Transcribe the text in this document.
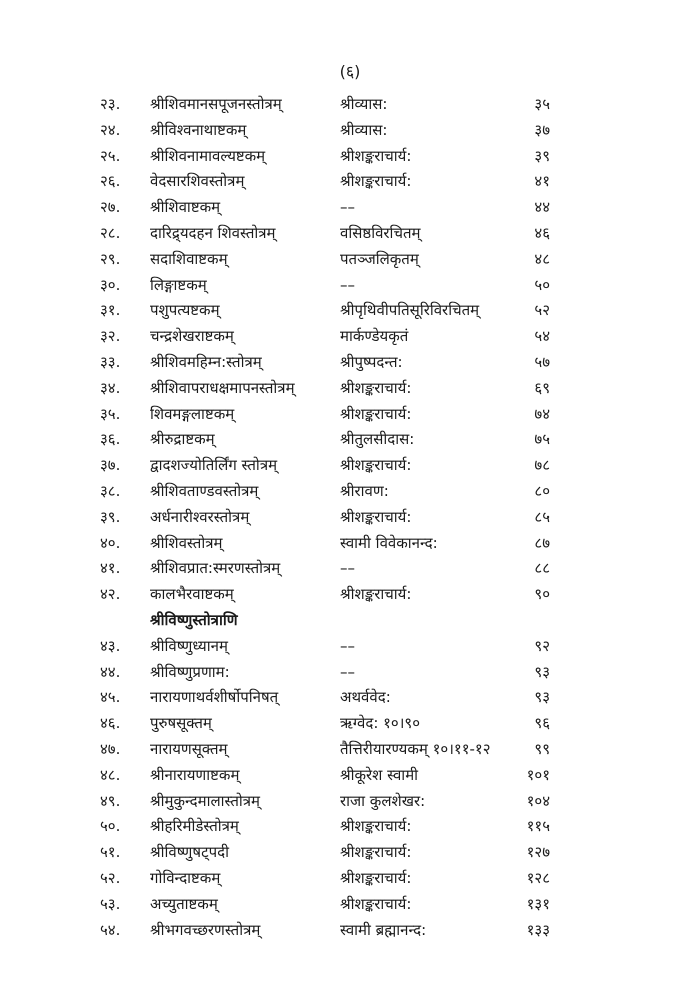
(६)
२३. श्रीशिवमानसपूजनस्तोत्रम्	श्रीव्यास:	३५
२४. श्रीविश्वनाथाष्टकम्	श्रीव्यास:	३७
२५. श्रीशिवनामावल्यष्टकम्	श्रीशङ्कराचार्य:	३९
२६. वेदसारशिवस्तोत्रम्	श्रीशङ्कराचार्य:	४१
२७. श्रीशिवाष्टकम्	––	४४
२८. दारिद्र्यदहन शिवस्तोत्रम्	वसिष्ठविरचितम्	४६
२९. सदाशिवाष्टकम्	पतञ्जलिकृतम्	४८
३०. लिङ्गाष्टकम्	––	५०
३१. पशुपत्यष्टकम्	श्रीपृथिवीपतिसूरिविरचितम्	५२
३२. चन्द्रशेखराष्टकम्	मार्कण्डेयकृतं	५४
३३. श्रीशिवमहिम्न:स्तोत्रम्	श्रीपुष्पदन्त:	५७
३४. श्रीशिवापराधक्षमापनस्तोत्रम्	श्रीशङ्कराचार्य:	६९
३५. शिवमङ्गलाष्टकम्	श्रीशङ्कराचार्य:	७४
३६. श्रीरुद्राष्टकम्	श्रीतुलसीदास:	७५
३७. द्वादशज्योतिर्लिंग स्तोत्रम्	श्रीशङ्कराचार्य:	७८
३८. श्रीशिवताण्डवस्तोत्रम्	श्रीरावण:	८०
३९. अर्धनारीश्वरस्तोत्रम्	श्रीशङ्कराचार्य:	८५
४०. श्रीशिवस्तोत्रम्	स्वामी विवेकानन्द:	८७
४१. श्रीशिवप्रात:स्मरणस्तोत्रम्	––	८८
४२. कालभैरवाष्टकम्	श्रीशङ्कराचार्य:	९०
श्रीविष्णुस्तोत्राणि
४३. श्रीविष्णुध्यानम्	––	९२
४४. श्रीविष्णुप्रणाम:	––	९३
४५. नारायणाथर्वशीर्षोपनिषत्	अथर्ववेद:	९३
४६. पुरुषसूक्तम्	ऋग्वेद: १०।९०	९६
४७. नारायणसूक्तम्	तैत्तिरीयारण्यकम् १०।११-१२	९९
४८. श्रीनारायणाष्टकम्	श्रीकूरेश स्वामी	१०१
४९. श्रीमुकुन्दमालास्तोत्रम्	राजा कुलशेखर:	१०४
५०. श्रीहरिमीडेस्तोत्रम्	श्रीशङ्कराचार्य:	११५
५१. श्रीविष्णुषट्पदी	श्रीशङ्कराचार्य:	१२७
५२. गोविन्दाष्टकम्	श्रीशङ्कराचार्य:	१२८
५३. अच्युताष्टकम्	श्रीशङ्कराचार्य:	१३१
५४. श्रीभगवच्छरणस्तोत्रम्	स्वामी ब्रह्मानन्द:	१३३
